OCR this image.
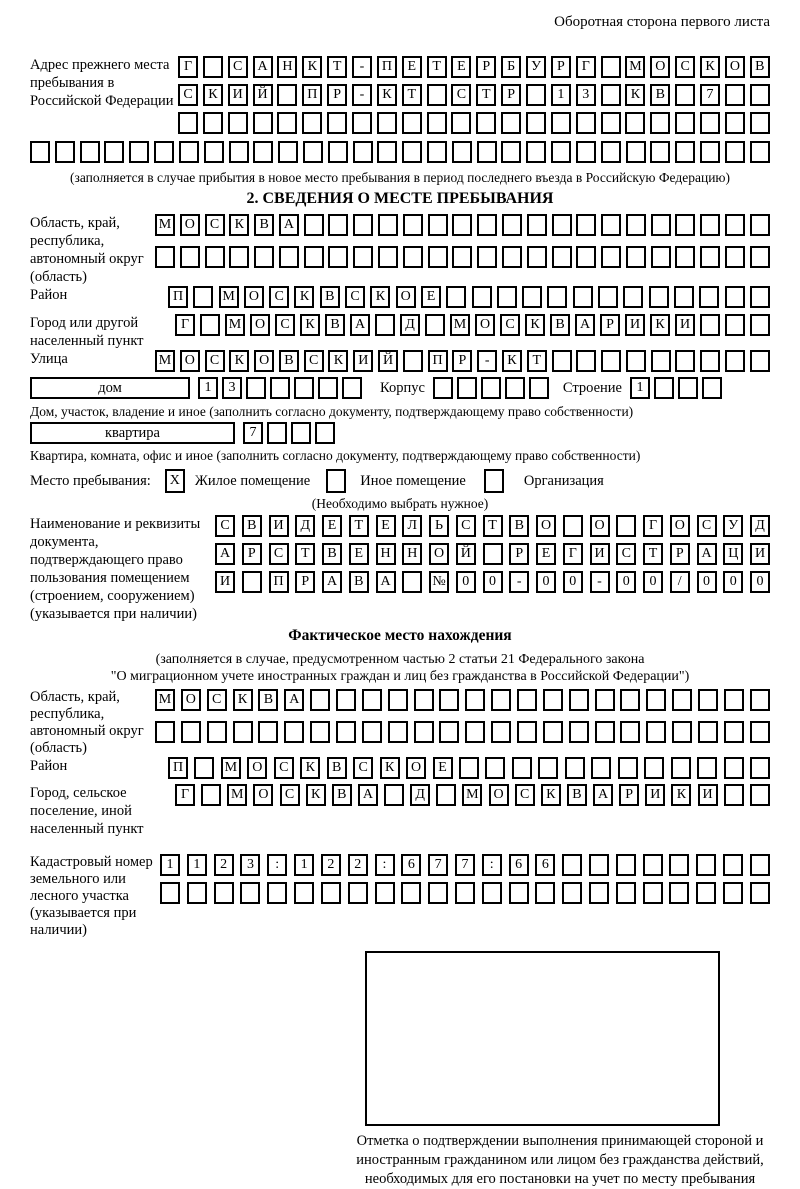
Оборотная сторона первого листа
Адрес прежнего места пребывания в Российской Федерации
Г	С	А	Н	К	Т	-	П	Е	Т	Е	Р	Б	У	Р	Г	М О	С	К	О	В
С	К	И	Й	П	Р	-	К	Т	С	Т	Р	1	3	К	В	7
(заполняется в случае прибытия в новое место пребывания в период последнего въезда в Российскую Федерацию)
2. СВЕДЕНИЯ О МЕСТЕ ПРЕБЫВАНИЯ
Область, край, республика, автономный округ (область)
М О	С	К	В	А
Район	П	М	О	С	К	В	С	К	О	Е
Город или другой населенный пункт
Г	М О	С	К	В	А	Д	М О	С	К	В	А	Р	И	К	И
Улица	М О	С	К	О	В	С	К	И	Й	П	Р	-	К	Т
дом	1	3	Корпус	Строение	1
Дом, участок, владение и иное (заполнить согласно документу, подтверждающему право собственности)
квартира	7
Квартира, комната, офис и иное (заполнить согласно документу, подтверждающему право собственности)
Место пребывания:	X	Жилое помещение	Иное помещение	Организация
(Необходимо выбрать нужное)
Наименование и реквизиты документа, подтверждающего право пользования помещением (строением, сооружением) (указывается при наличии)
С	В	И	Д	Е	Т	Е	Л	Ь	С	Т	В	О	О	Г	О	С	У	Д
А	Р	С	Т	В	Е	Н	Н	О	Й	Р	Е	Г	И	С	Т	Р	А	Ц	И
И	П	Р	А	В	А	№	0	0	-	0	0	-	0	0	/	0	0	0
Фактическое место нахождения
(заполняется в случае, предусмотренном частью 2 статьи 21 Федерального закона
"О миграционном учете иностранных граждан и лиц без гражданства в Российской Федерации")
Область, край, республика, автономный округ (область)
М	О	С	К	В	А
Район	П	М	О	С	К	В	С	К	О	Е
Город, сельское поселение, иной населенный пункт
Г	М	О	С	К	В	А	Д	М	О	С	К	В	А	Р	И	К	И
Кадастровый номер земельного или лесного участка (указывается при наличии)
1	1	2	3	:	1	2	2	:	6	7	7	:	6	6
Отметка о подтверждении выполнения принимающей стороной и иностранным гражданином или лицом без гражданства действий, необходимых для его постановки на учет по месту пребывания
